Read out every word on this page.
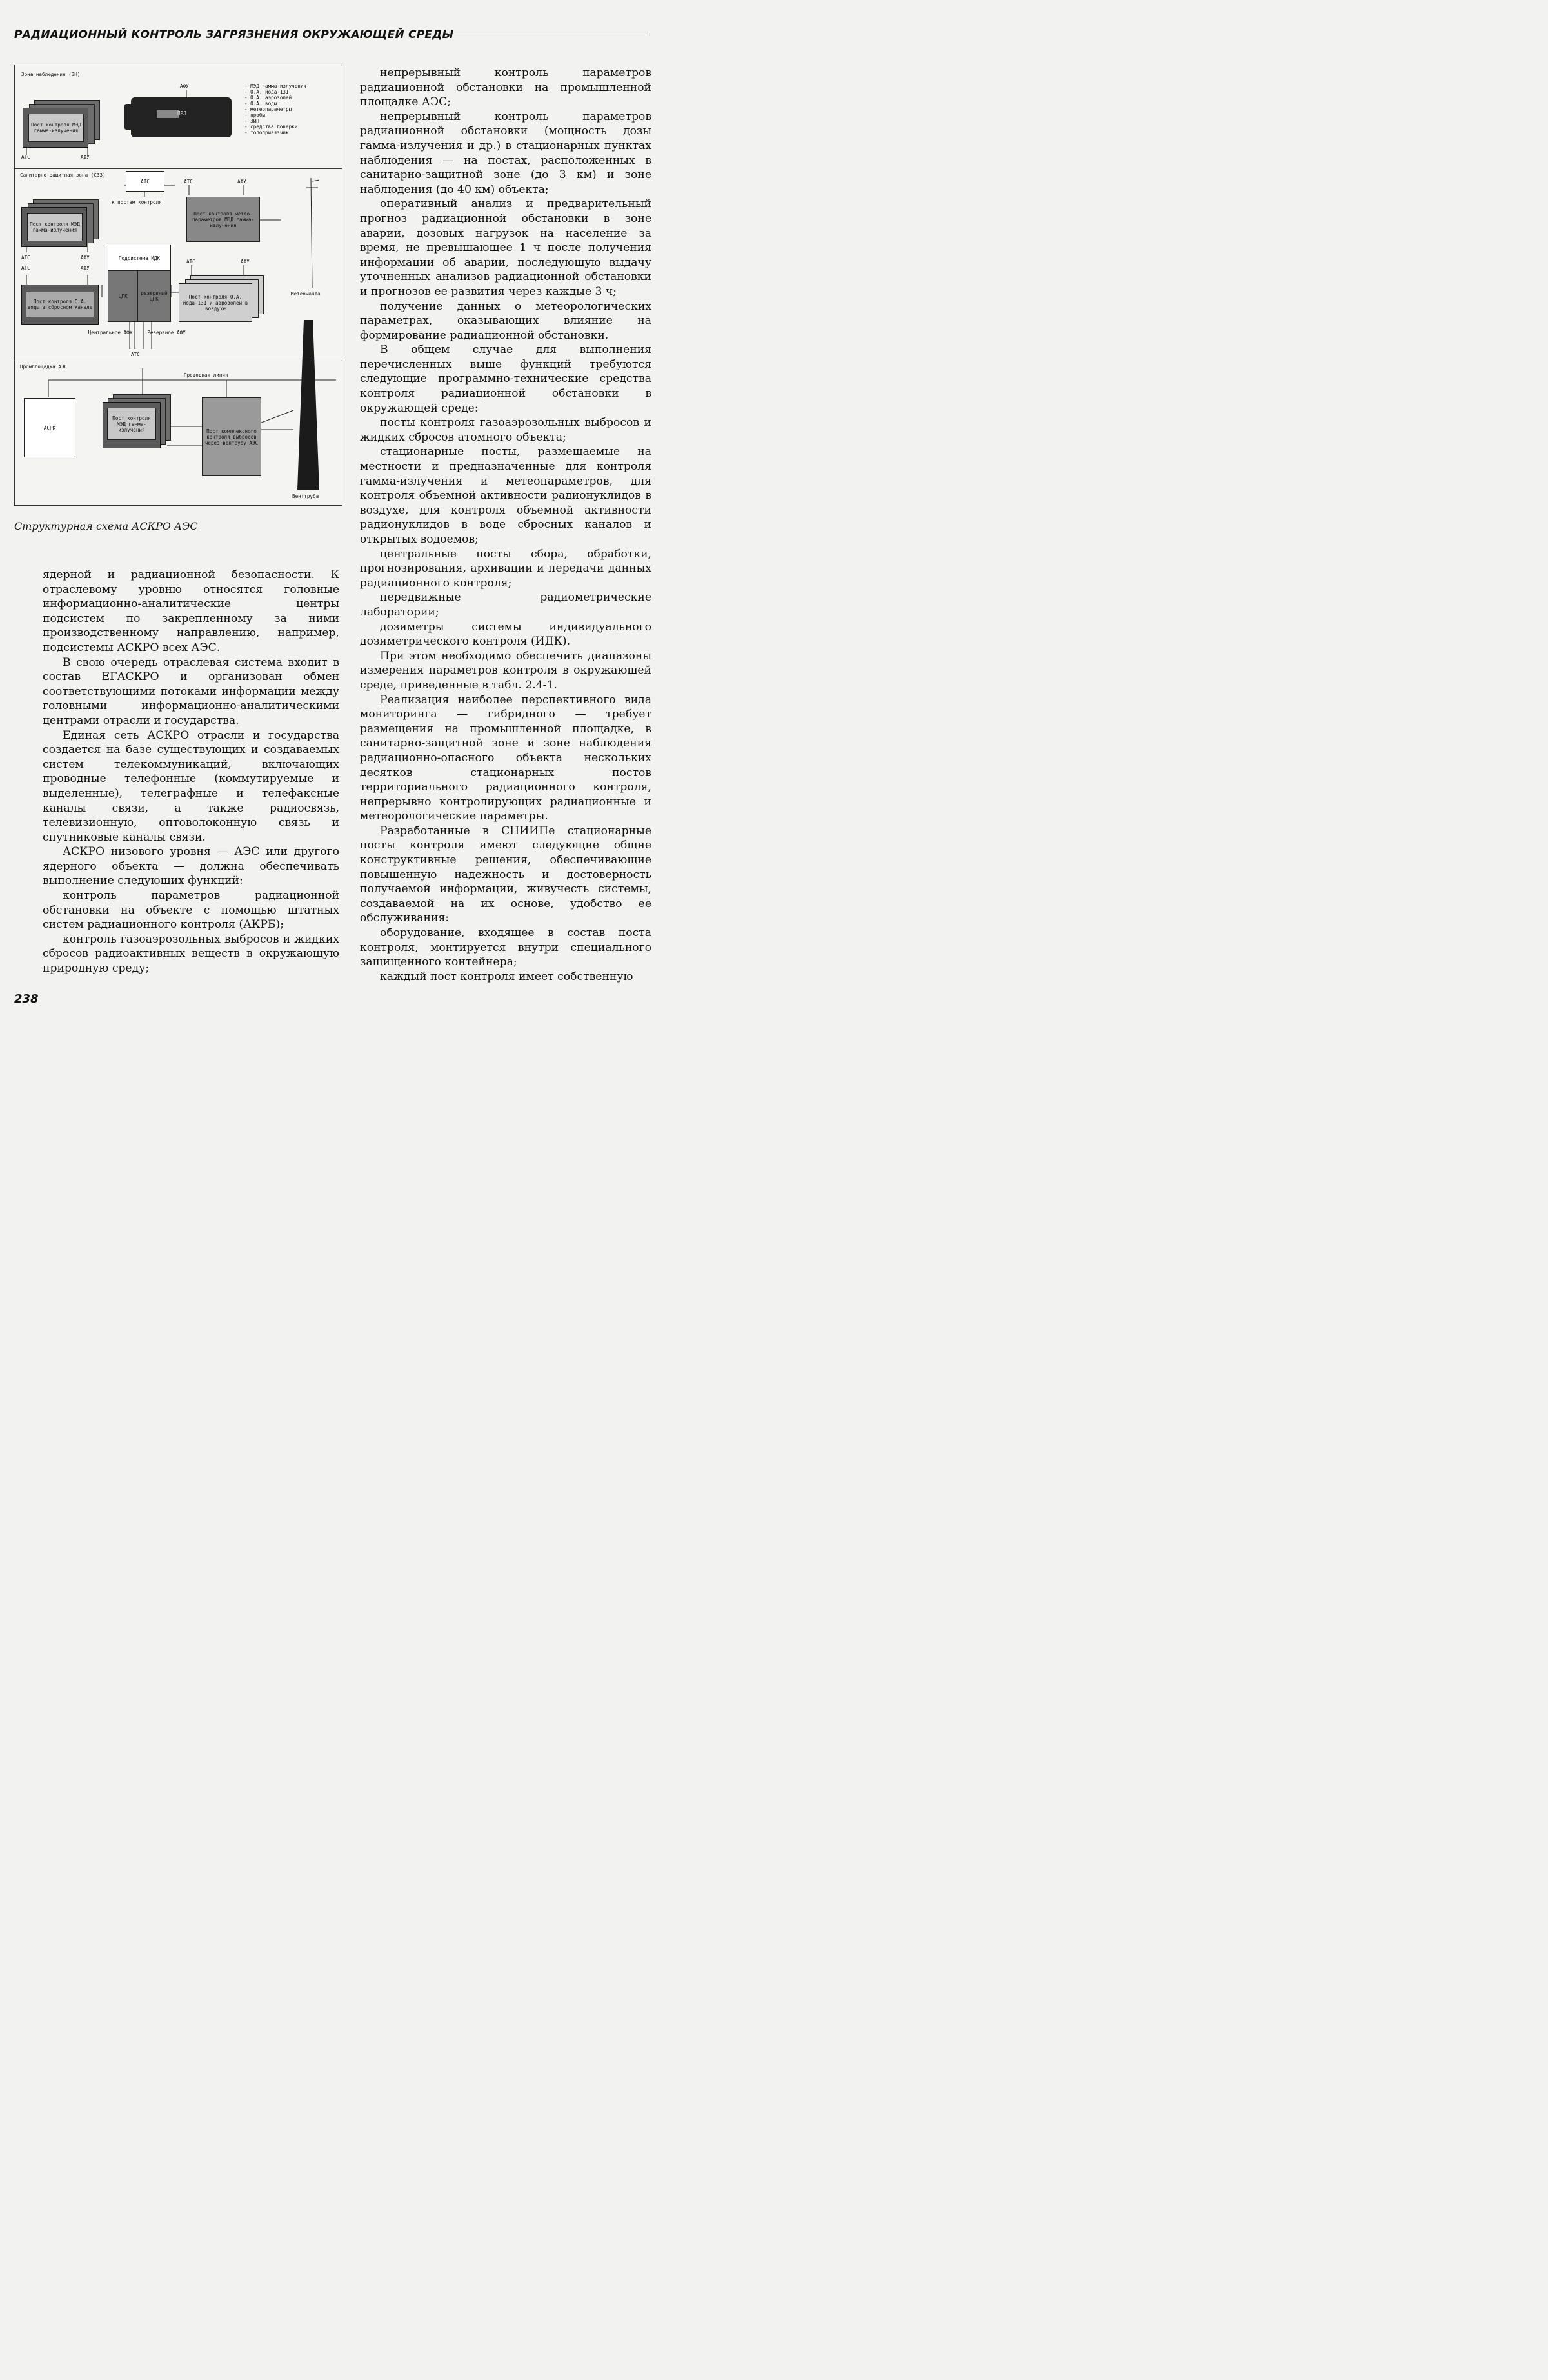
РАДИАЦИОННЫЙ КОНТРОЛЬ ЗАГРЯЗНЕНИЯ ОКРУЖАЮЩЕЙ СРЕДЫ
Зона наблюдения (ЗН)
Санитарно-защитная зона (СЗЗ)
Промплощадка АЭС
- МЭД гамма-излучения
- О.А. йода-131
- О.А. аэрозолей
- О.А. воды
- метеопараметры
- пробы
- ЗИП
- средства поверки
- топопривязчик
АФУ
ПРЛ
Пост контроля МЭД гамма-излучения
АТС	АФУ
АТС
к постам контроля
АТС	АФУ
Пост контроля МЭД гамма-излучения
АТС	АФУ
АТС	АФУ
Пост контроля метео-параметров МЭД гамма-излучения
Подсистема ИДК
ЦПК	резервный
ЦПК
Пост контроля О.А. воды в сбросном канале
Пост контроля О.А. йода-131 и аэрозолей в воздухе
АТС	АФУ
Метеомачта
Центральное АФУ	Резервное АФУ
АТС
Проводная линия
АСРК
Пост контроля МЭД гамма-излучения	Пост комплексного контроля выбросов через вентрубу АЭС
Венттруба
Структурная схема АСКРО АЭС

непрерывный контроль параметров радиационной обстановки на промышленной площадке АЭС;

непрерывный контроль параметров радиационной обстановки (мощность дозы гамма-излучения и др.) в стационарных пунктах наблюдения — на постах, расположенных в санитарно-защитной зоне (до 3 км) и зоне наблюдения (до 40 км) объекта;

оперативный анализ и предварительный прогноз радиационной обстановки в зоне аварии, дозовых нагрузок на население за время, не превышающее 1 ч после получения информации об аварии, последующую выдачу уточненных анализов радиационной обстановки и прогнозов ее развития через каждые 3 ч;

получение данных о метеорологических параметрах, оказывающих влияние на формирование радиационной обстановки.

В общем случае для выполнения перечисленных выше функций требуются следующие программно-технические средства контроля радиационной обстановки в окружающей среде:

посты контроля газоаэрозольных выбросов и жидких сбросов атомного объекта;

стационарные посты, размещаемые на местности и предназначенные для контроля гамма-излучения и метеопараметров, для контроля объемной активности радионуклидов в воздухе, для контроля объемной активности радионуклидов в воде сбросных каналов и открытых водоемов;

центральные посты сбора, обработки, прогнозирования, архивации и передачи данных радиационного контроля;

передвижные радиометрические лаборатории;

дозиметры системы индивидуального дозиметрического контроля (ИДК).

При этом необходимо обеспечить диапазоны измерения параметров контроля в окружающей среде, приведенные в табл. 2.4-1.

Реализация наиболее перспективного вида мониторинга — гибридного — требует размещения на промышленной площадке, в санитарно-защитной зоне и зоне наблюдения радиационно-опасного объекта нескольких десятков стационарных постов территориального радиационного контроля, непрерывно контролирующих радиационные и метеорологические параметры.

Разработанные в СНИИПе стационарные посты контроля имеют следующие общие конструктивные решения, обеспечивающие повышенную надежность и достоверность получаемой информации, живучесть системы, создаваемой на их основе, удобство ее обслуживания:

оборудование, входящее в состав поста контроля, монтируется внутри специального защищенного контейнера;

каждый пост контроля имеет собственную

ядерной и радиационной безопасности. К отраслевому уровню относятся головные информационно-аналитические центры подсистем по закрепленному за ними производственному направлению, например, подсистемы АСКРО всех АЭС.

В свою очередь отраслевая система входит в состав ЕГАСКРО и организован обмен соответствующими потоками информации между головными информационно-аналитическими центрами отрасли и государства.

Единая сеть АСКРО отрасли и государства создается на базе существующих и создаваемых систем телекоммуникаций, включающих проводные телефонные (коммутируемые и выделенные), телеграфные и телефаксные каналы связи, а также радиосвязь, телевизионную, оптоволоконную связь и спутниковые каналы связи.

АСКРО низового уровня — АЭС или другого ядерного объекта — должна обеспечивать выполнение следующих функций:

контроль параметров радиационной обстановки на объекте с помощью штатных систем радиационного контроля (АКРБ);

контроль газоаэрозольных выбросов и жидких сбросов радиоактивных веществ в окружающую природную среду;

238
